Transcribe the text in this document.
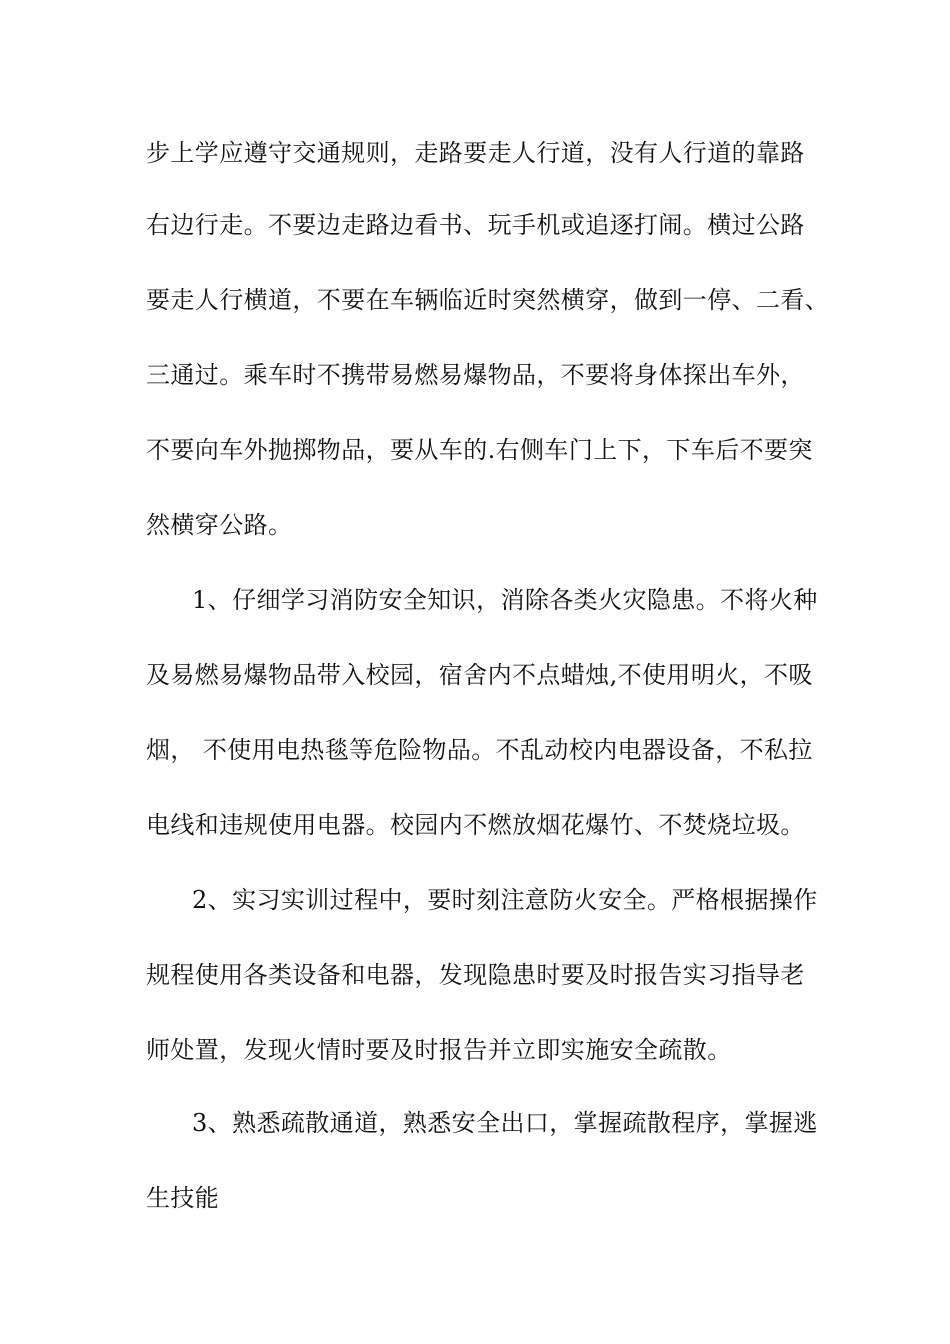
步上学应遵守交通规则，走路要走人行道，没有人行道的靠路

右边行走。不要边走路边看书、玩手机或追逐打闹。横过公路

要走人行横道，不要在车辆临近时突然横穿，做到一停、二看、

三通过。乘车时不携带易燃易爆物品，不要将身体探出车外，

不要向车外抛掷物品，要从车的.右侧车门上下，下车后不要突

然横穿公路。

1、仔细学习消防安全知识，消除各类火灾隐患。不将火种

及易燃易爆物品带入校园，宿舍内不点蜡烛,不使用明火，不吸

烟， 不使用电热毯等危险物品。不乱动校内电器设备，不私拉

电线和违规使用电器。校园内不燃放烟花爆竹、不焚烧垃圾。

2、实习实训过程中，要时刻注意防火安全。严格根据操作

规程使用各类设备和电器，发现隐患时要及时报告实习指导老

师处置，发现火情时要及时报告并立即实施安全疏散。

3、熟悉疏散通道，熟悉安全出口，掌握疏散程序，掌握逃

生技能
